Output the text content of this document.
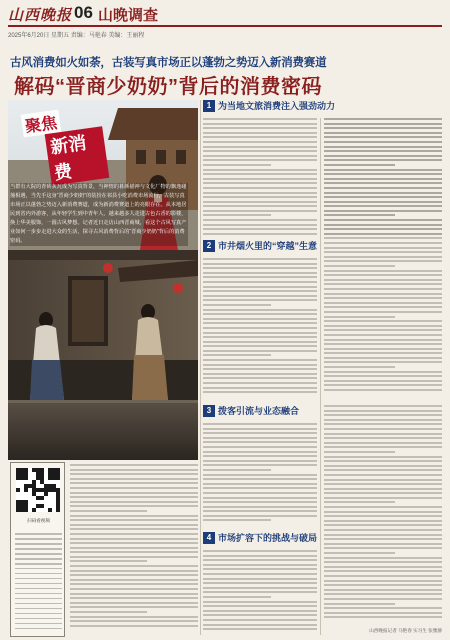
山西晚报 06 山晚调查
2025年6月20日 星期五 责编：马艳春 美编：王丽程
古风消费如火如荼，古装写真市场正以蓬勃之势迈入新消费赛道
解码“晋商少奶奶”背后的消费密码
聚焦
新消费

当群有大院的青砖灰瓦成为写真背景，当神情的暮颜描神与文化厂物的飘逸碰撞相遇，当先手这身“晋商少奶奶”的装扮在祁县小吃消费市场流行，古装写真市场正以蓬勃之势迈入新消费赛道，成为新消费赛道上的亮眼存在。从本地居民到省内外游客，从年轻学生到中青年人，越来越多人走进古色古香的影楼，换上华美服饰，一圆古风梦想。记者近日走访山西晋商城，看这个古风写真产业如何一步步走进大众的生活，探寻古风消费背后的“晋商少奶奶”背后的消费密码。

1 为当地文旅消费注入强劲动力
2 市井烟火里的“穿越”生意
3 拨客引流与业态融合
4 市场扩容下的挑战与破局
扫码看视频
山西晚报记者 马艳春 实习生 张雅静
